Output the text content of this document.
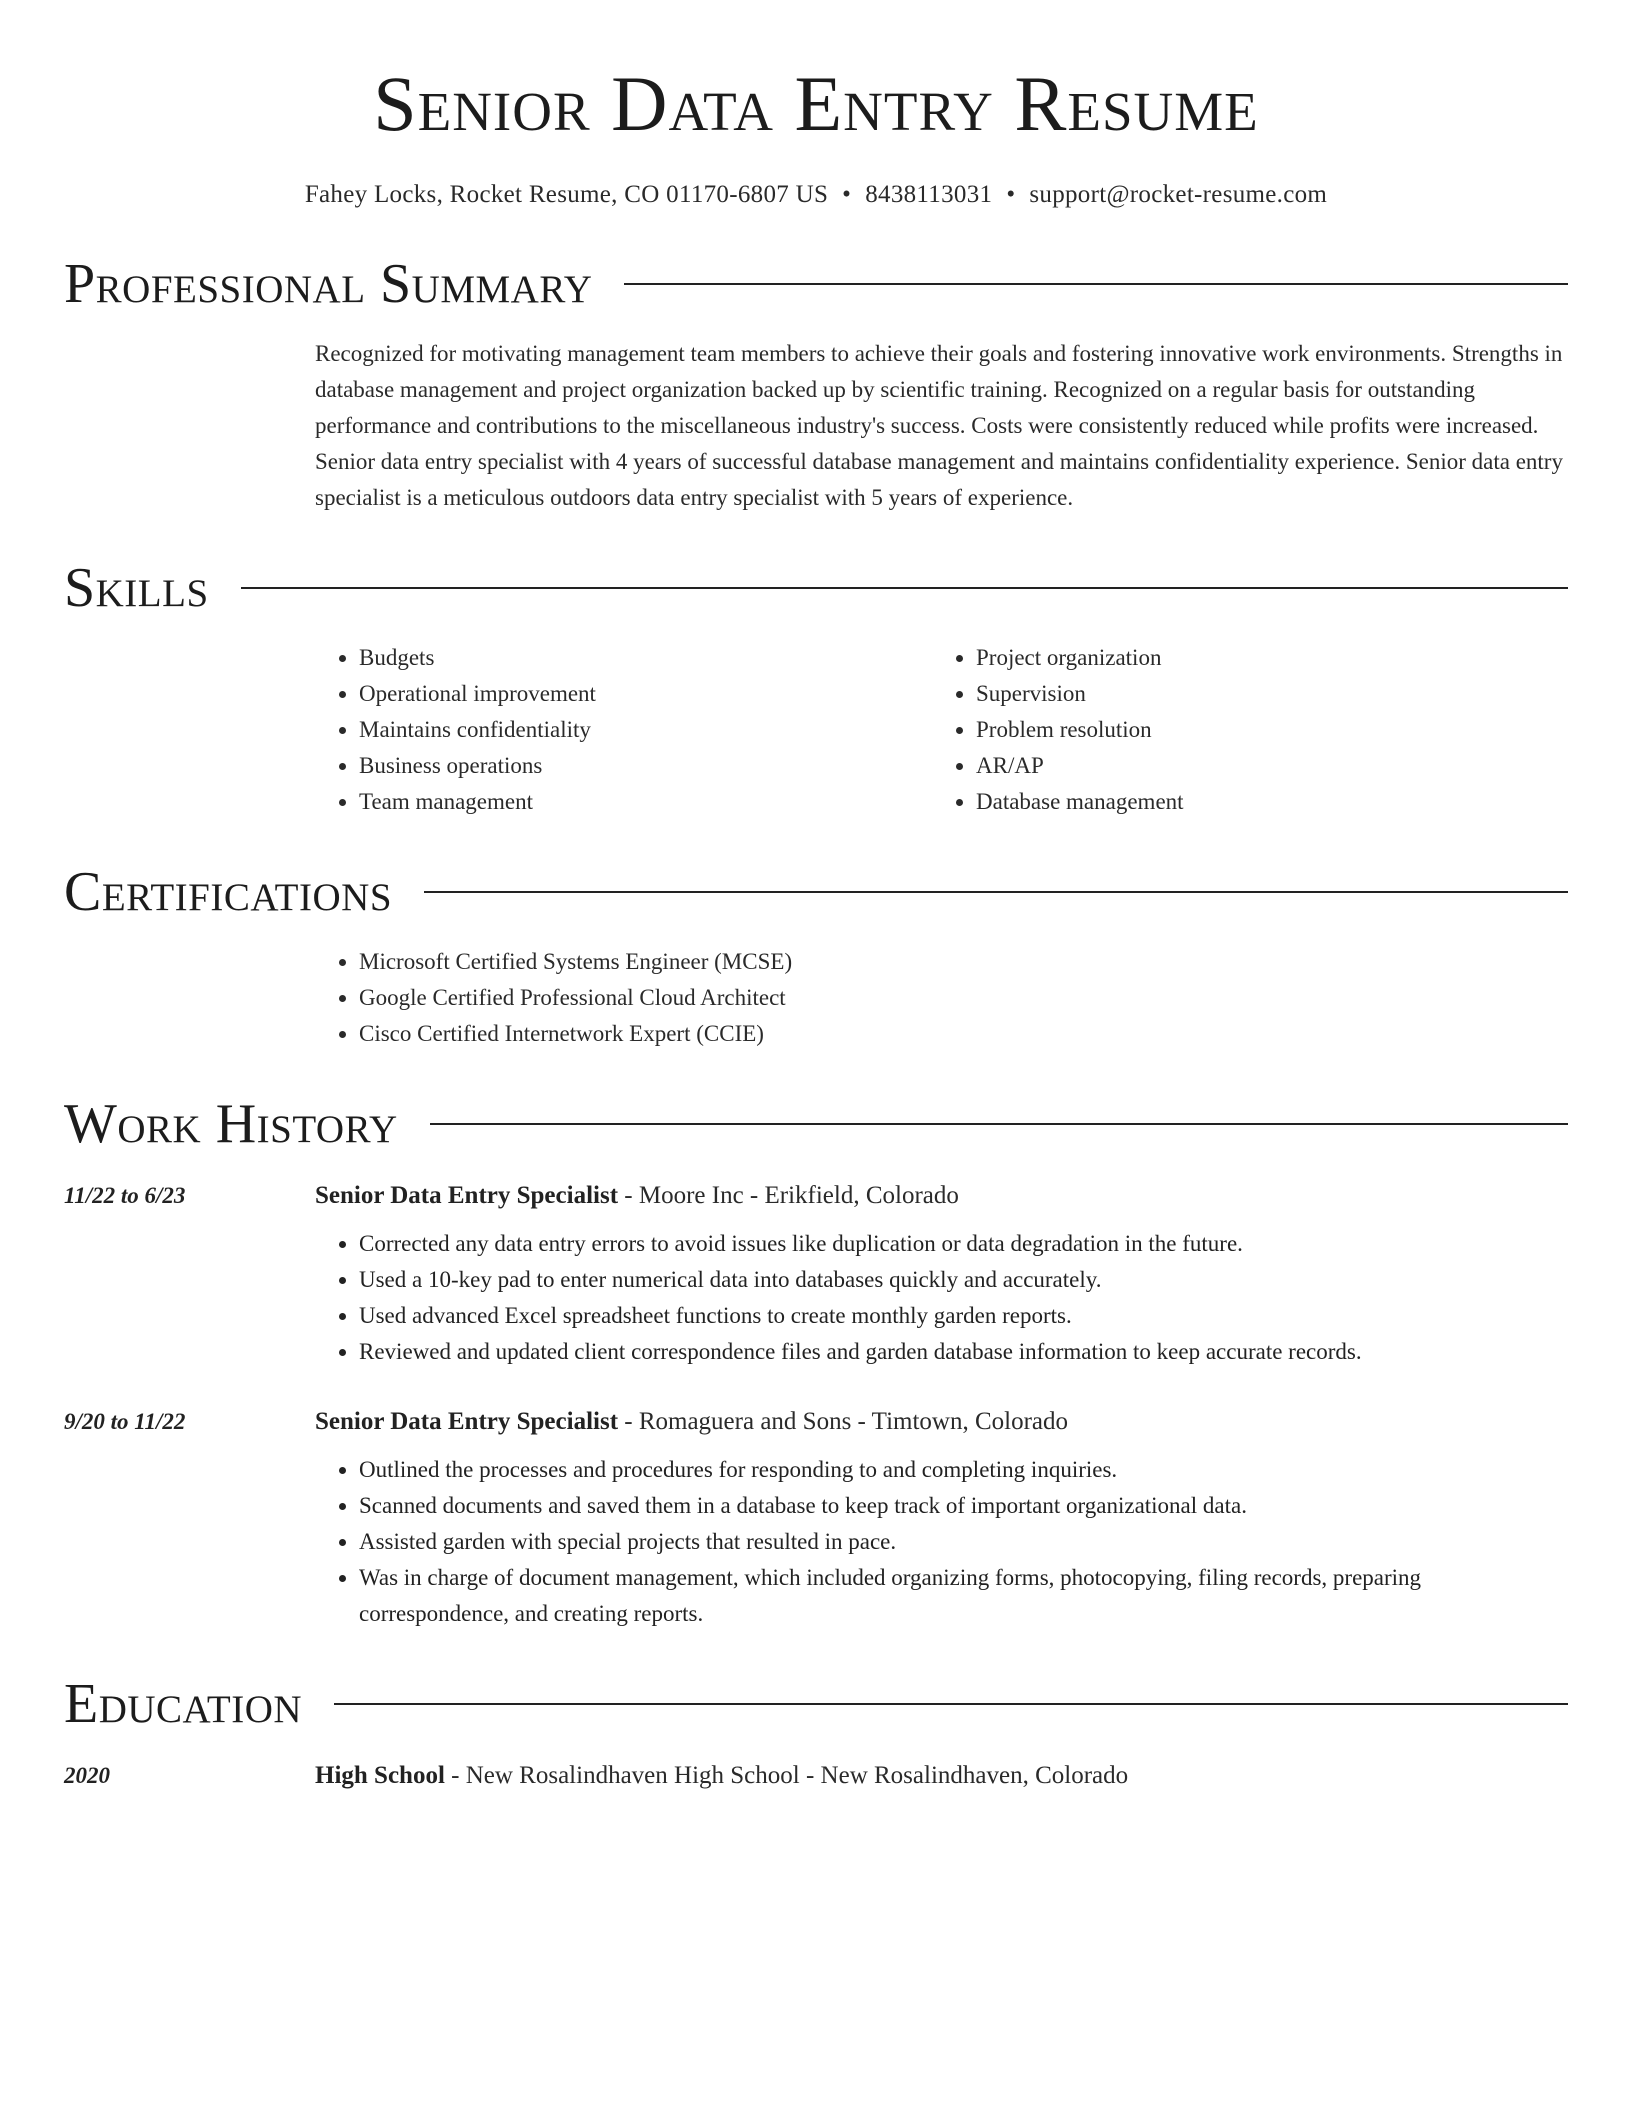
Senior Data Entry Resume
Fahey Locks, Rocket Resume, CO 01170-6807 US • 8438113031 • support@rocket-resume.com
Professional Summary
Recognized for motivating management team members to achieve their goals and fostering innovative work environments. Strengths in database management and project organization backed up by scientific training. Recognized on a regular basis for outstanding performance and contributions to the miscellaneous industry's success. Costs were consistently reduced while profits were increased. Senior data entry specialist with 4 years of successful database management and maintains confidentiality experience. Senior data entry specialist is a meticulous outdoors data entry specialist with 5 years of experience.
Skills
• Budgets
• Operational improvement
• Maintains confidentiality
• Business operations
• Team management
• Project organization
• Supervision
• Problem resolution
• AR/AP
• Database management
Certifications
• Microsoft Certified Systems Engineer (MCSE)
• Google Certified Professional Cloud Architect
• Cisco Certified Internetwork Expert (CCIE)
Work History
11/22 to 6/23	Senior Data Entry Specialist - Moore Inc - Erikfield, Colorado
• Corrected any data entry errors to avoid issues like duplication or data degradation in the future.
• Used a 10-key pad to enter numerical data into databases quickly and accurately.
• Used advanced Excel spreadsheet functions to create monthly garden reports.
• Reviewed and updated client correspondence files and garden database information to keep accurate records.
9/20 to 11/22	Senior Data Entry Specialist - Romaguera and Sons - Timtown, Colorado
• Outlined the processes and procedures for responding to and completing inquiries.
• Scanned documents and saved them in a database to keep track of important organizational data.
• Assisted garden with special projects that resulted in pace.
• Was in charge of document management, which included organizing forms, photocopying, filing records, preparing correspondence, and creating reports.
Education
2020	High School - New Rosalindhaven High School - New Rosalindhaven, Colorado
